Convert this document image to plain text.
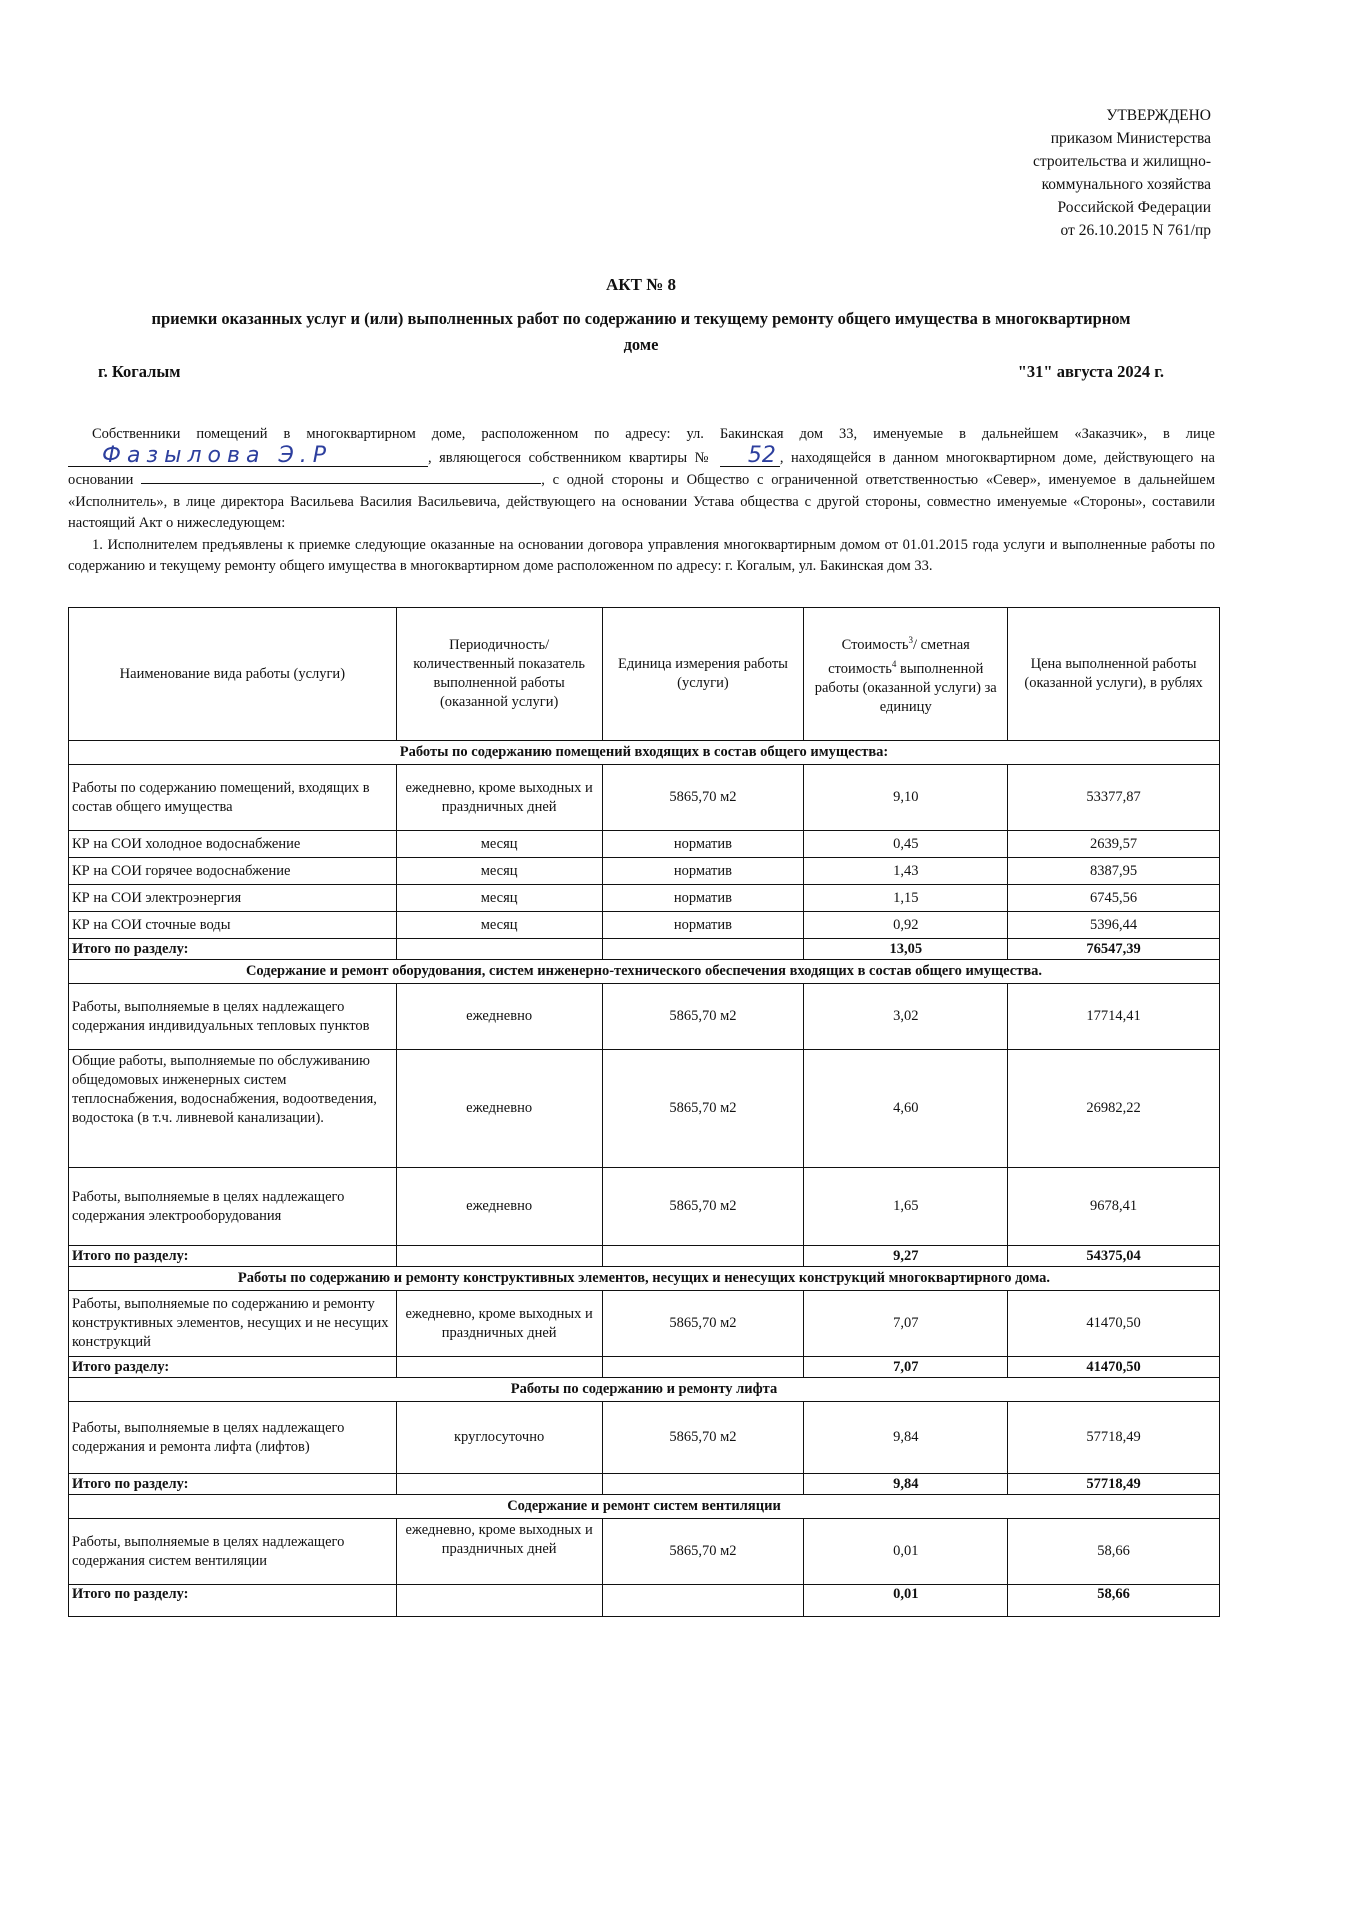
УТВЕРЖДЕНО
приказом Министерства
строительства и жилищно-
коммунального хозяйства
Российской Федерации
от 26.10.2015 N 761/пр
АКТ № 8
приемки оказанных услуг и (или) выполненных работ по содержанию и текущему ремонту общего имущества в многоквартирном доме
г. Когалым	"31" августа 2024 г.

Собственники помещений в многоквартирном доме, расположенном по адресу: ул. Бакинская дом 33, именуемые в дальнейшем «Заказчик», в лице Фазылова Э.Р	, являющегося собственником квартиры № 52 , находящейся в данном многоквартирном доме, действующего на основании	, с одной стороны и Общество с ограниченной ответственностью «Север», именуемое в дальнейшем «Исполнитель», в лице директора Васильева Василия Васильевича, действующего на основании Устава общества с другой стороны, совместно именуемые «Стороны», составили настоящий Акт о нижеследующем:

1. Исполнителем предъявлены к приемке следующие оказанные на основании договора управления многоквартирным домом от 01.01.2015 года услуги и выполненные работы по содержанию и текущему ремонту общего имущества в многоквартирном доме расположенном по адресу: г. Когалым, ул. Бакинская дом 33.

Наименование вида работы (услуги)	Периодичность/ количественный показатель выполненной работы (оказанной услуги)	Единица измерения работы (услуги)	Стоимость$^3$/ сметная стоимость$^4$ выполненной работы (оказанной услуги) за единицу	Цена выполненной работы (оказанной услуги), в рублях
Работы по содержанию помещений входящих в состав общего имущества:				
Работы по содержанию помещений, входящих в состав общего имущества	ежедневно, кроме выходных и праздничных дней	5865,70 м2	9,10	53377,87
КР на СОИ холодное водоснабжение	месяц	норматив	0,45	2639,57
КР на СОИ горячее водоснабжение	месяц	норматив	1,43	8387,95
КР на СОИ электроэнергия	месяц	норматив	1,15	6745,56
КР на СОИ сточные воды	месяц	норматив	0,92	5396,44
Итого по разделу:			13,05	76547,39
Содержание и ремонт оборудования, систем инженерно-технического обеспечения входящих в состав общего имущества.				
Работы, выполняемые в целях надлежащего содержания индивидуальных тепловых пунктов	ежедневно	5865,70 м2	3,02	17714,41
Общие работы, выполняемые по обслуживанию общедомовых инженерных систем теплоснабжения, водоснабжения, водоотведения, водостока (в т.ч. ливневой канализации).	ежедневно	5865,70 м2	4,60	26982,22
Работы, выполняемые в целях надлежащего содержания электрооборудования	ежедневно	5865,70 м2	1,65	9678,41
Итого по разделу:			9,27	54375,04
Работы по содержанию и ремонту конструктивных элементов, несущих и ненесущих конструкций многоквартирного дома.				
Работы, выполняемые по содержанию и ремонту конструктивных элементов, несущих и не несущих конструкций	ежедневно, кроме выходных и праздничных дней	5865,70 м2	7,07	41470,50
Итого разделу:			7,07	41470,50
Работы по содержанию и ремонту лифта				
Работы, выполняемые в целях надлежащего содержания и ремонта лифта (лифтов)	круглосуточно	5865,70 м2	9,84	57718,49
Итого по разделу:			9,84	57718,49
Содержание и ремонт систем вентиляции				
Работы, выполняемые в целях надлежащего содержания систем вентиляции	ежедневно, кроме выходных и праздничных дней	5865,70 м2	0,01	58,66
Итого по разделу:			0,01	58,66
